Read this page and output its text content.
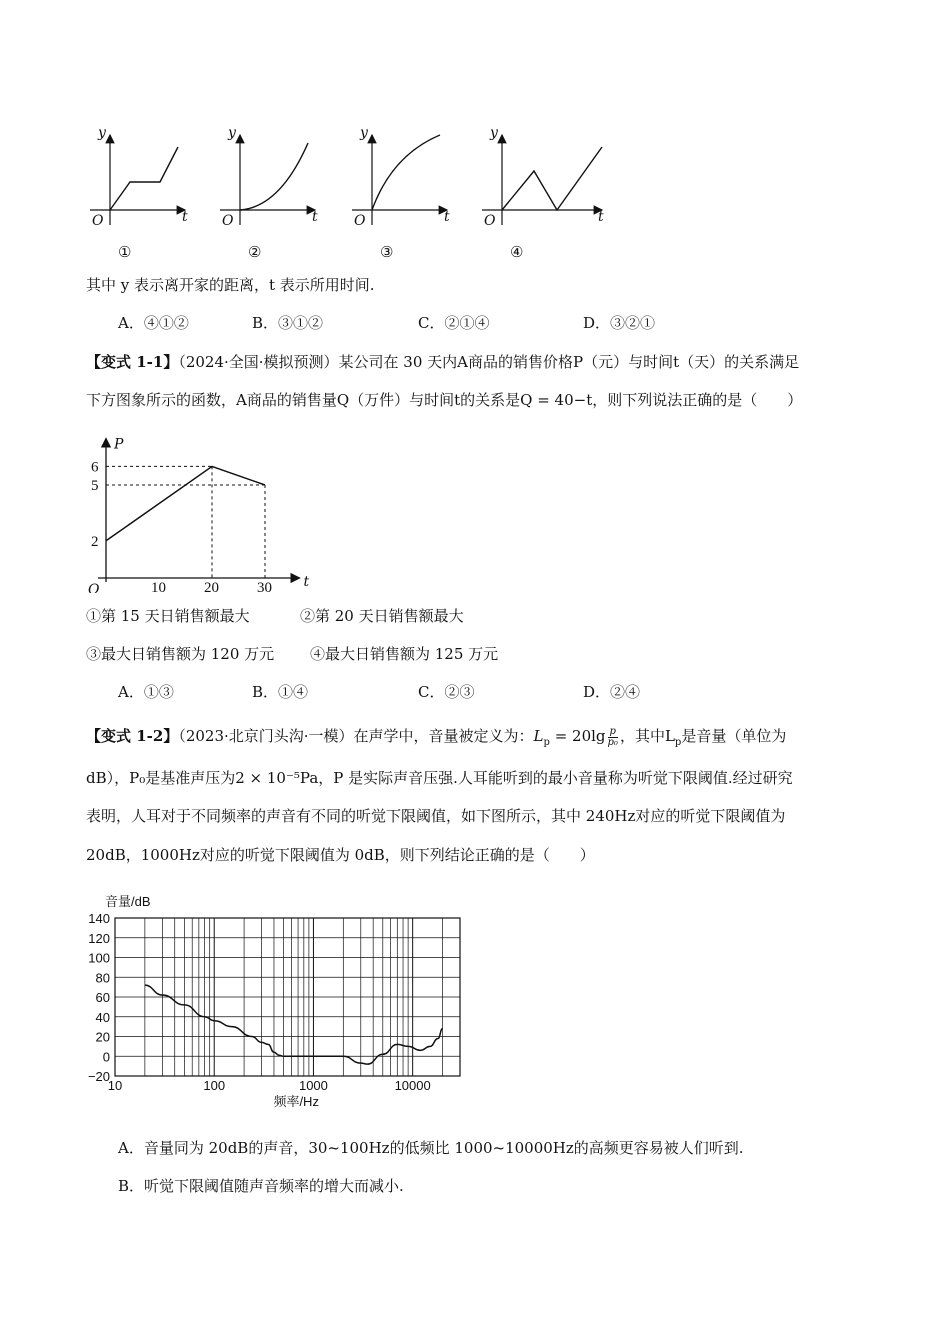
y
t
O
①
y
t
O
②
y
t
O
③
y
t
O
④
其中 y 表示离开家的距离，t 表示所用时间.
A．④①②	B．③①②	C．②①④	D．③②①
【变式 1-1】（2024·全国·模拟预测）某公司在 30 天内A商品的销售价格P（元）与时间t（天）的关系满足
下方图象所示的函数，A商品的销售量Q（万件）与时间t的关系是Q = 40−t，则下列说法正确的是（　　）
10	20	30
2
5
6
P
t
O
①第 15 天日销售额最大	②第 20 天日销售额最大
③最大日销售额为 120 万元 ④最大日销售额为 125 万元
A．①③	B．①④	C．②③	D．②④
【变式 1-2】（2023·北京门头沟·一模）在声学中，音量被定义为：$L_p = 20\lg \frac{p}{\text{p₀}}$ ，其中$L_p$是音量（单位为
dB），P₀是基准声压为2 × 10⁻⁵Pa，P 是实际声音压强.人耳能听到的最小音量称为听觉下限阈值.经过研究
表明，人耳对于不同频率的声音有不同的听觉下限阈值，如下图所示，其中 240Hz对应的听觉下限阈值为
20dB，1000Hz对应的听觉下限阈值为 0dB，则下列结论正确的是（　　）
−20
0
20
40
60
80
100
120
140
10	100	1000	10000
频率/Hz
音量/dB
A．音量同为 20dB的声音，30~100Hz的低频比 1000~10000Hz的高频更容易被人们听到.
B．听觉下限阈值随声音频率的增大而减小.
